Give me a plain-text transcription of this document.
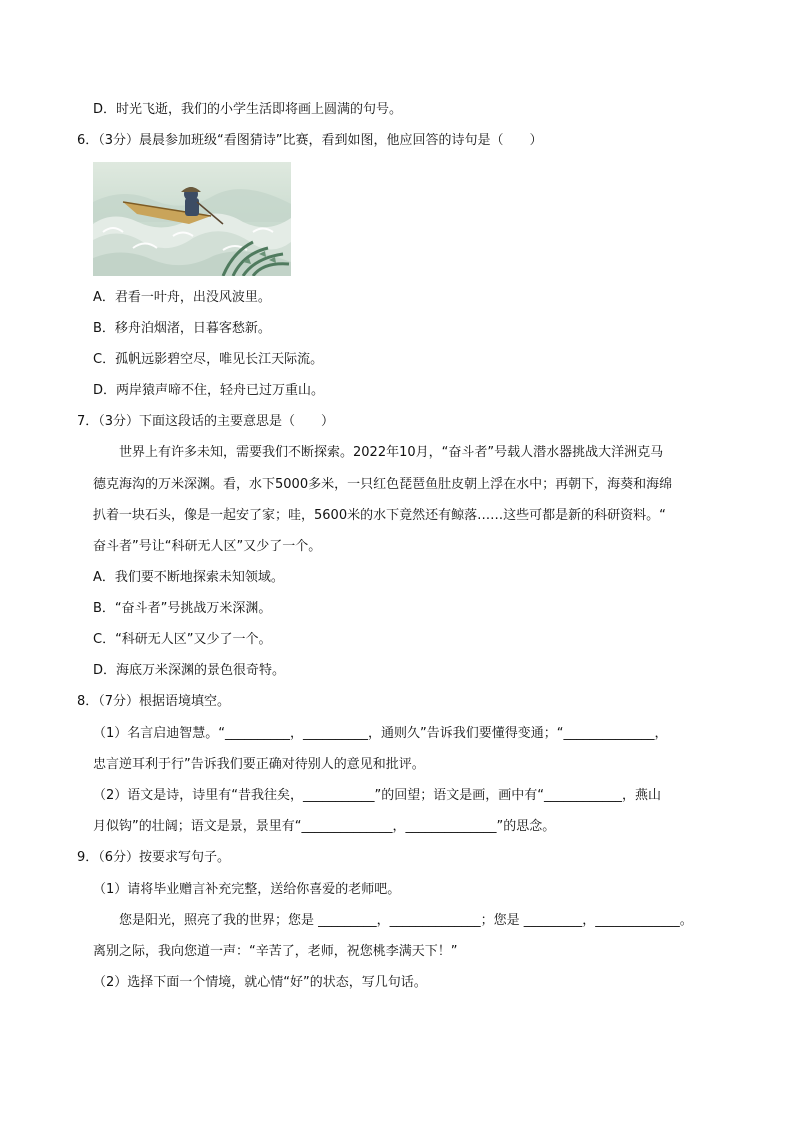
D．时光飞逝，我们的小学生活即将画上圆满的句号。
6．（3分）晨晨参加班级“看图猜诗”比赛，看到如图，他应回答的诗句是（　　）
A．君看一叶舟，出没风波里。
B．移舟泊烟渚，日暮客愁新。
C．孤帆远影碧空尽，唯见长江天际流。
D．两岸猿声啼不住，轻舟已过万重山。
7．（3分）下面这段话的主要意思是（　　）
世界上有许多未知，需要我们不断探索。2022年10月，“奋斗者”号载人潜水器挑战大洋洲克马
德克海沟的万米深渊。看，水下5000多米，一只红色琵琶鱼肚皮朝上浮在水中；再朝下，海葵和海绵
扒着一块石头，像是一起安了家；哇，5600米的水下竟然还有鲸落……这些可都是新的科研资料。“
奋斗者”号让“科研无人区”又少了一个。
A．我们要不断地探索未知领域。
B．“奋斗者”号挑战万米深渊。
C．“科研无人区”又少了一个。
D．海底万米深渊的景色很奇特。
8．（7分）根据语境填空。
（1）名言启迪智慧。“__________，__________，通则久”告诉我们要懂得变通；“______________，
忠言逆耳利于行”告诉我们要正确对待别人的意见和批评。
（2）语文是诗，诗里有“昔我往矣，___________”的回望；语文是画，画中有“____________，燕山
月似钩”的壮阔；语文是景，景里有“______________，______________”的思念。
9．（6分）按要求写句子。
（1）请将毕业赠言补充完整，送给你喜爱的老师吧。
您是阳光，照亮了我的世界；您是 _________，______________；您是 _________，_____________。
离别之际，我向您道一声：“辛苦了，老师，祝您桃李满天下！”
（2）选择下面一个情境，就心情“好”的状态，写几句话。
